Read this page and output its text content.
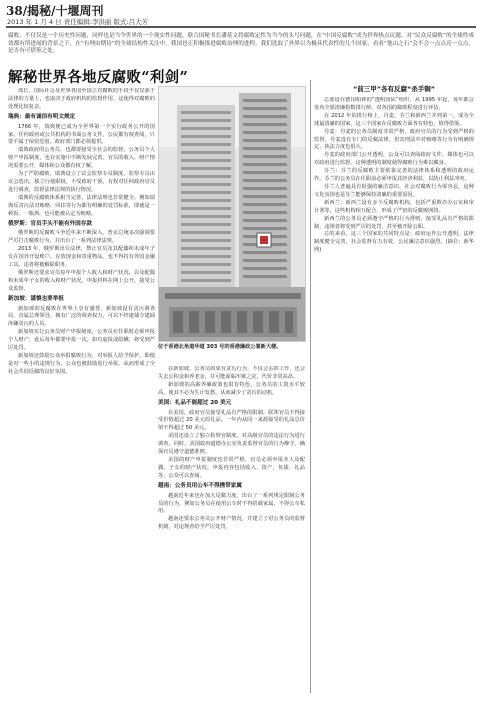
38/揭秘/十堰周刊
2013 年 1 月 4 日 责任编辑:李洪丽 版式:吕大芳

腐败，不仅仅是一个历史性问题，同样也是当今世界的一个现实性问题。联合国秘书长潘基文将腐败定性为当今的头号问题，在“中国反腐败”成为世界热点议题、对“民众反腐败”的全球性成效都有所进展的背景之下，在“有理由期待”的全球结构性关注中，我国也正积极推进腐败治理的进程。我们选取了外界以为极具代表性的几个国家，看看“他山之石”会不会一点点亮一点点，是否有可借鉴之处。

解秘世界各地反腐败“利剑”

部长、国际社会及世界各国至国立对腐败的手段不仅仅源于法律的力量上，也取决于政府机构的监督作用，这使得对腐败的处理比较复杂。

瑞典：最有诚信有明文规定

1766 年，瑞典便已成为全世界第一个实行政务公开的国家。任何政府或公共机构的书面公务文件，公民都有权查阅，只要不属于保密范围，政府部门都必须提供。

瑞典政府的公务员，也都要接受全社会的监督，公务员个人财产申报制度，也在实施中不断发展完善。官员的收入、财产情况需要公开，媒体和公众都有权了解。

为了严防腐败，瑞典设立了议会监察专员制度。监察专员由议会选出，独立行使职权，不受政府干预，有权对任何政府官员进行调查，监督法律法规的执行情况。

瑞典的反腐败体系相当完善，法律法规也非常健全。例如瑞典反贪污法对贿赂、回扣等行为都有明确的处罚标准，即使是一顿饭、一瓶酒，也可能被认定为贿赂。

俄罗斯：官员手头不能有外国存款

俄罗斯的反腐败斗争近年来不断深入，普京总统多次强调要严厉打击腐败行为，并出台了一系列法律法规。

2013 年，俄罗斯出台法律，禁止官员及其配偶和未成年子女在国外开设账户、存放现金和贵重物品，也不得持有外国金融工具。违者将被解除职务。

俄罗斯还要求官员每年申报个人收入和财产状况，以及配偶和未成年子女的收入和财产状况，申报材料在网上公开，接受公众监督。

新加坡：谨慎也要举报

新加坡的反腐败在世界上享有盛誉。新加坡设有贪污调查局，直属总理领导，拥有广泛的调查权力，可以不经逮捕令逮捕涉嫌贪污的人员。

新加坡实行公务员财产申报制度，公务员在任职时必须申报个人财产，此后每年都要申报一次，如有虚报或隐瞒，将受到严厉处罚。

新加坡还鼓励公众举报腐败行为，对举报人给予保护。即使是对一些小的违规行为，公众也被鼓励进行举报，从而形成了全社会共同反腐的良好氛围。

位于香港北角道华道 303 号的香港廉政公署新大楼。

在新加坡，公务员如果有贪污行为，不仅会丢掉工作，还会失去公积金和养老金，并可能面临牢狱之灾，代价非常高昂。

新加坡的高薪养廉政策也很有特色，公务员的工资水平较高，使其不必为生计发愁，从而减少了贪污的动机。

美国：礼品不能超过 20 美元

在美国，政府官员接受礼品有严格的限制。联邦官员不得接受价值超过 20 美元的礼品，一年内从同一来源接受的礼品总价值不得超过 50 美元。

美国还设立了独立检察官制度，对高级官员的违法行为进行调查。同时，美国政府道德办公室负责监督官员的行为操守，确保官员遵守道德准则。

美国的财产申报制度也非常严格，官员必须申报本人及配偶、子女的财产状况，申报内容包括收入、资产、负债、礼品等，公众可以查阅。

越南：公务员用公车不得携带家属

越南近年来也在加大反腐力度，出台了一系列规定限制公务员的行为，例如公务员在使用公车时不得搭载家属，不得公车私用。

越南还要求公务员公开财产情况，并建立了对公务员的监督机制，对违规者给予严厉处罚。

“前三甲”各有反腐“杀手锏”

总部设在德国柏林的“透明国际”组织，从 1995 年起，每年都会发布全球清廉指数排行榜，对各国的腐败程度进行评估。

在 2012 年的排行榜上，丹麦、芬兰和新西兰并列第一，成为全球最清廉的国家。这三个国家在反腐败方面各有特色，值得借鉴。

丹麦：丹麦的公务员制度非常严格，政府官员的行为受到严格的监督。丹麦没有专门的反腐法律，但其刑法中对贿赂等行为有明确规定，执法力度也很大。

丹麦的政府部门公开透明，公众可以查阅政府文件，媒体也可以对政府进行监督。这种透明的制度使得腐败行为难以藏身。

芬兰：芬兰的反腐败主要依靠完善的法律体系和透明的政府运作。芬兰的公务员在任职前必须申报其经济利益，以防止利益冲突。

芬兰人普遍具有很强的廉洁意识，社会对腐败行为零容忍，这种文化氛围也是芬兰能够保持清廉的重要原因。

新西兰：新西兰设有多个反腐败机构，包括严重欺诈办公室和审计署等，这些机构相互配合，形成了严密的反腐败网络。

新西兰的公务员必须遵守严格的行为准则，接受礼品有严格的限制，违规者将受到严厉的处罚，甚至被开除公职。

总的来看，这三个国家的共同特点是：政府运作公开透明，法律制度健全完善，社会监督有力有效，公民廉洁意识强烈。(摘自：新华网)
